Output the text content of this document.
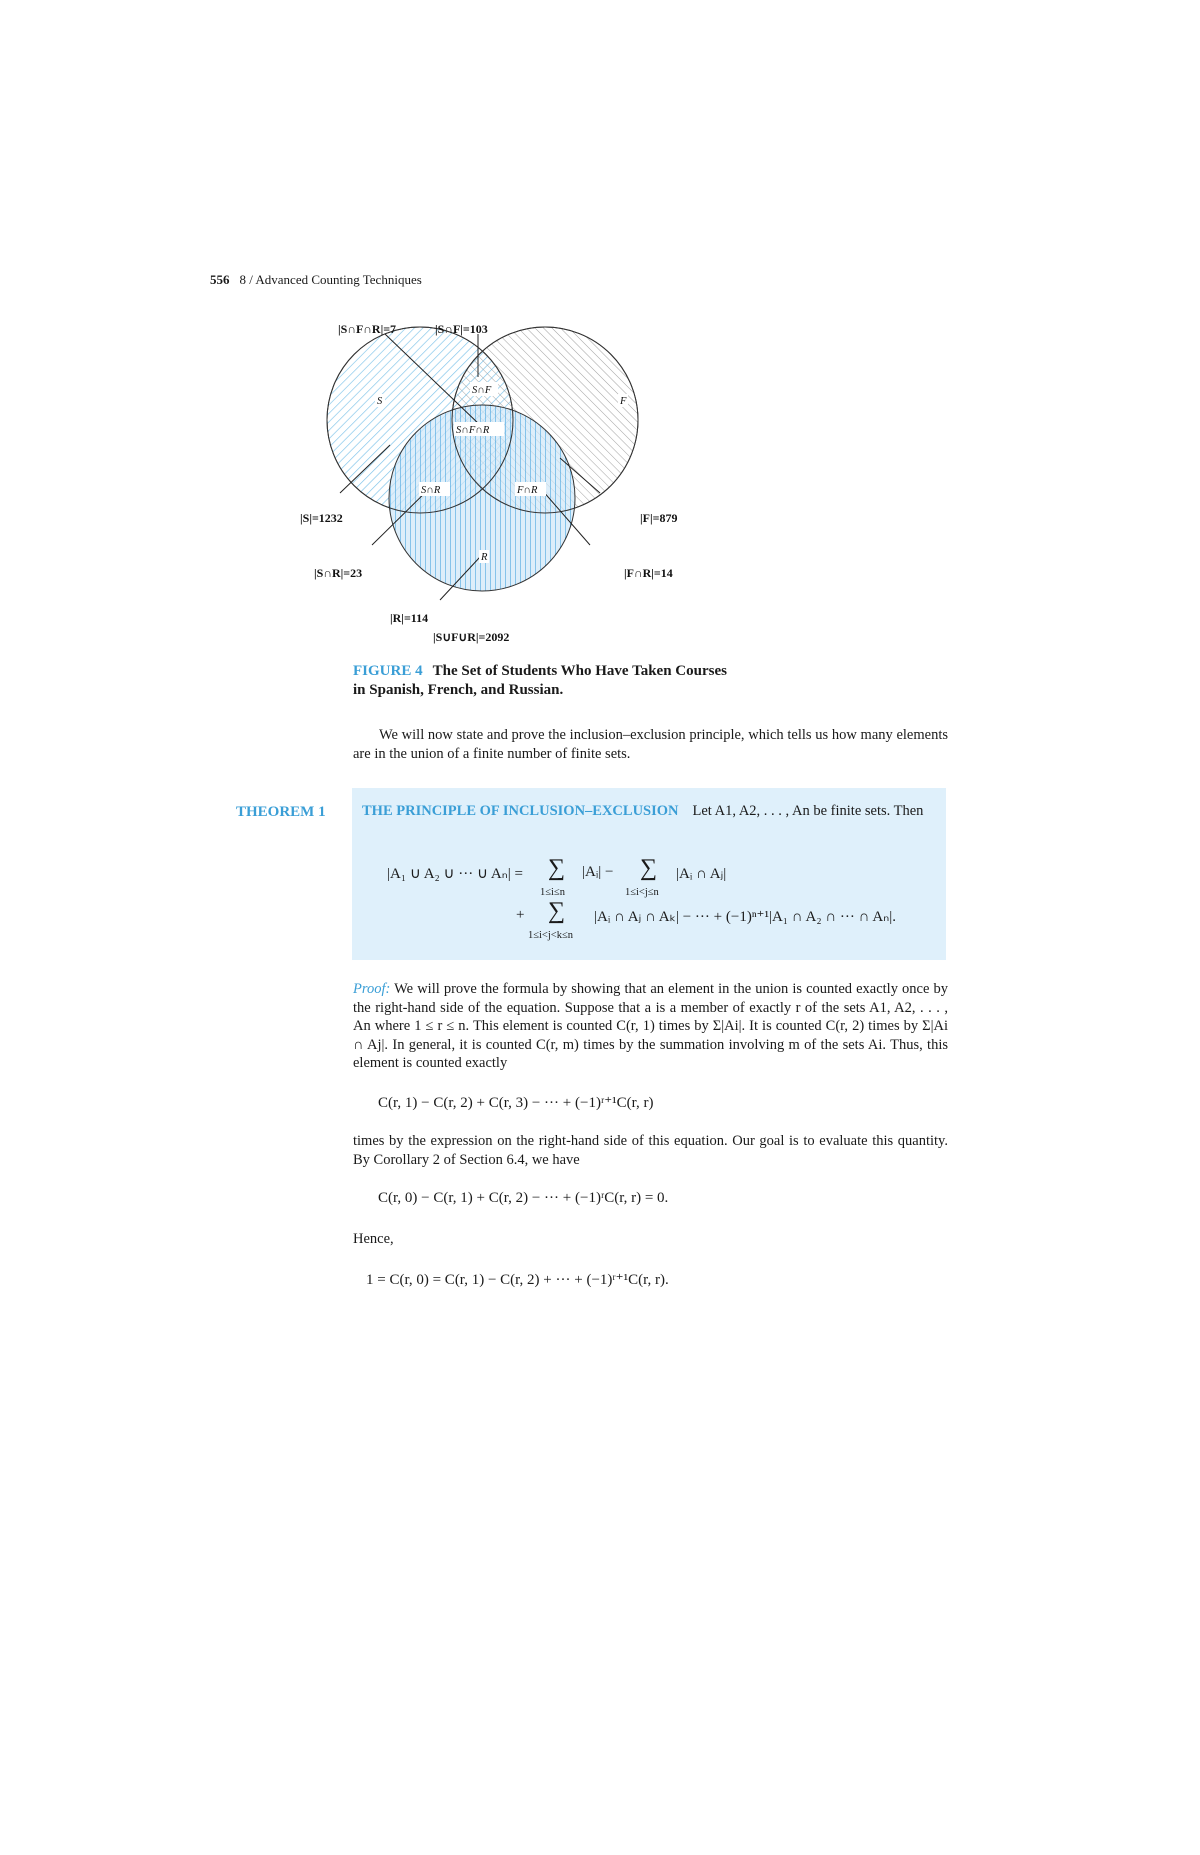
556 8 / Advanced Counting Techniques
|S∩F∩R|=7	|S∩F|=103
|S|=1232
|S∩R|=23
|F|=879
|F∩R|=14
|R|=114
|S∪F∪R|=2092
S	F
R
S∩F
S∩F∩R
S∩R	F∩R
FIGURE 4 The Set of Students Who Have Taken Courses
in Spanish, French, and Russian.
We will now state and prove the inclusion–exclusion principle, which tells us how many elements are in the union of a finite number of finite sets.
THEOREM 1	THE PRINCIPLE OF INCLUSION–EXCLUSION Let A1, A2, . . . , An be finite sets. Then
|A₁ ∪ A₂ ∪ ··· ∪ Aₙ| = ∑ |Aᵢ| −
1≤i≤n
∑ |Aᵢ ∩ Aⱼ|
1≤i<j≤n
+ ∑ |Aᵢ ∩ Aⱼ ∩ Aₖ| − ··· + (−1)ⁿ⁺¹|A₁ ∩ A₂ ∩ ··· ∩ Aₙ|.
1≤i<j<k≤n
Proof: We will prove the formula by showing that an element in the union is counted exactly once by the right-hand side of the equation. Suppose that a is a member of exactly r of the sets A1, A2, . . . , An where 1 ≤ r ≤ n. This element is counted C(r, 1) times by Σ|Ai|. It is counted C(r, 2) times by Σ|Ai ∩ Aj|. In general, it is counted C(r, m) times by the summation involving m of the sets Ai. Thus, this element is counted exactly
C(r, 1) − C(r, 2) + C(r, 3) − ··· + (−1)ʳ⁺¹C(r, r)
times by the expression on the right-hand side of this equation. Our goal is to evaluate this quantity. By Corollary 2 of Section 6.4, we have
C(r, 0) − C(r, 1) + C(r, 2) − ··· + (−1)ʳC(r, r) = 0.
Hence,
1 = C(r, 0) = C(r, 1) − C(r, 2) + ··· + (−1)ʳ⁺¹C(r, r).
